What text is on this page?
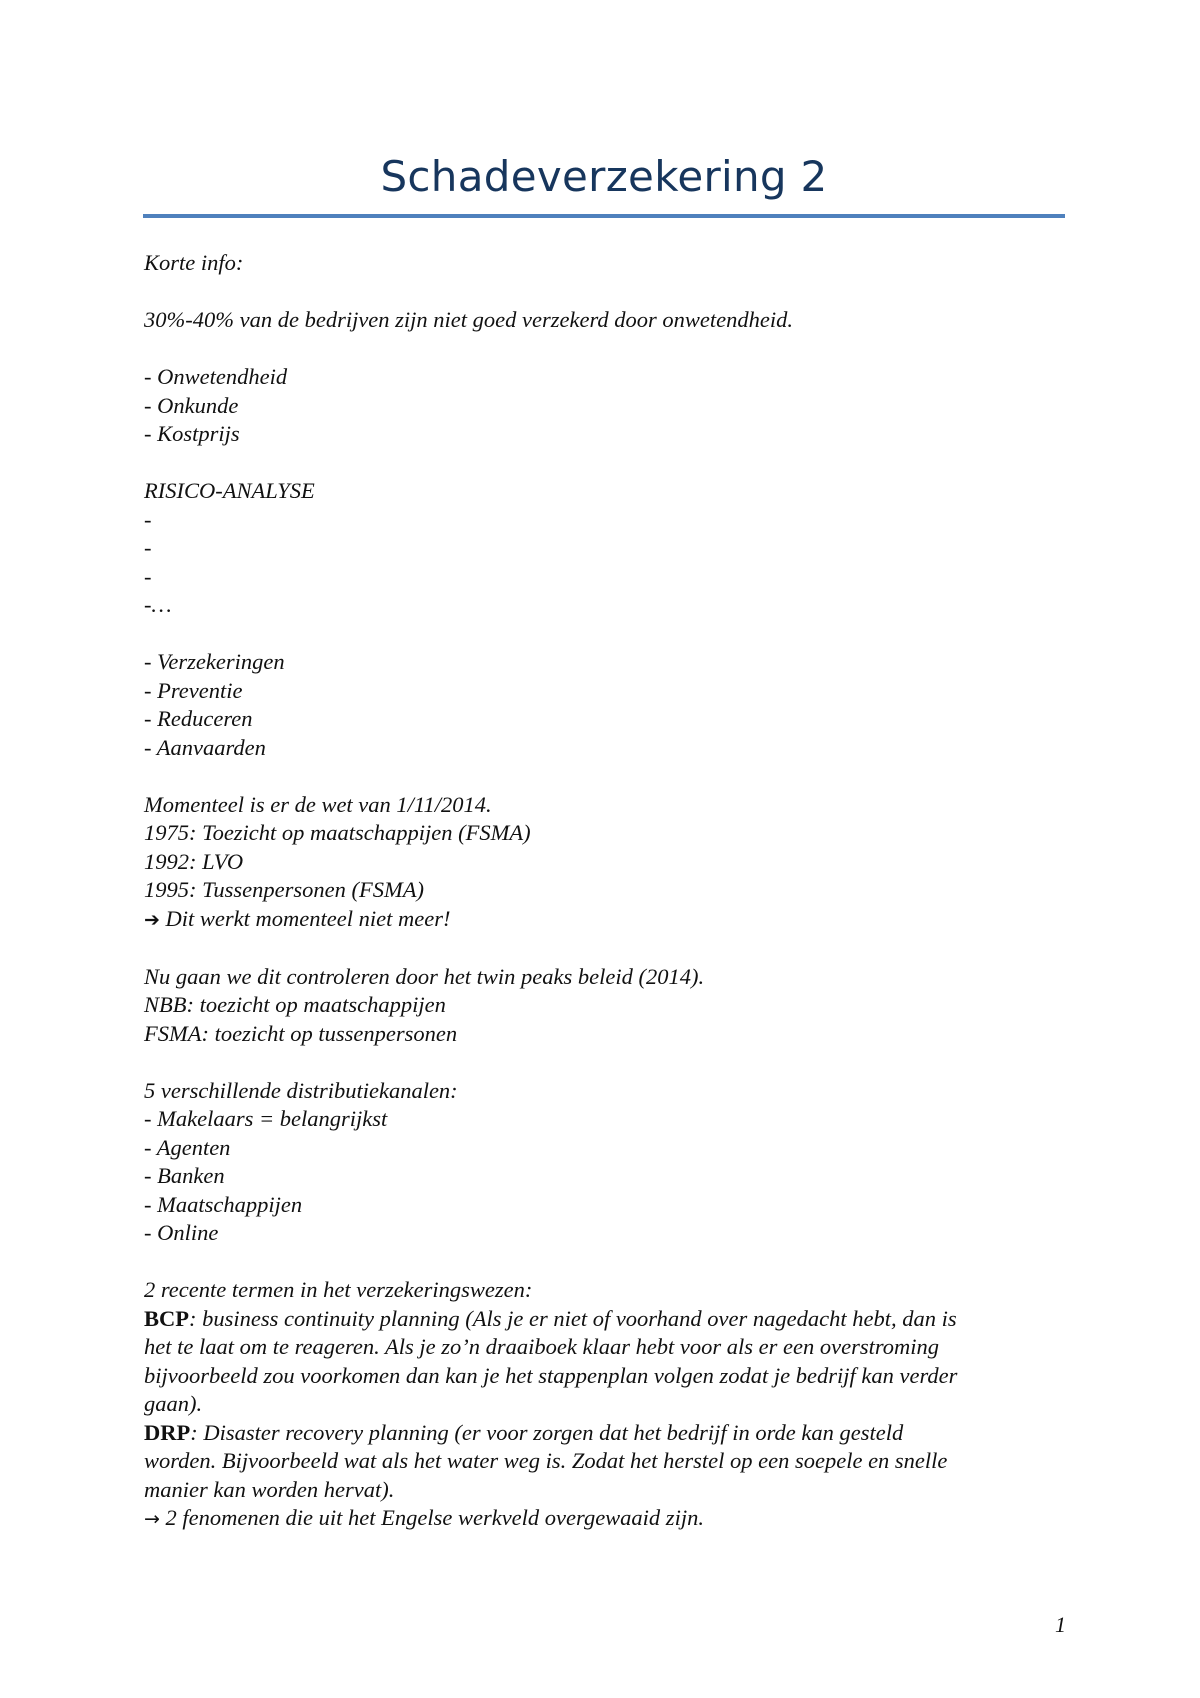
Schadeverzekering 2
Korte info:
30%-40% van de bedrijven zijn niet goed verzekerd door onwetendheid.
- Onwetendheid
- Onkunde
- Kostprijs
RISICO-ANALYSE
-
-
-
-…
- Verzekeringen
- Preventie
- Reduceren
- Aanvaarden
Momenteel is er de wet van 1/11/2014.
1975: Toezicht op maatschappijen (FSMA)
1992: LVO
1995: Tussenpersonen (FSMA)
➔ Dit werkt momenteel niet meer!
Nu gaan we dit controleren door het twin peaks beleid (2014).
NBB: toezicht op maatschappijen
FSMA: toezicht op tussenpersonen
5 verschillende distributiekanalen:
- Makelaars = belangrijkst
- Agenten
- Banken
- Maatschappijen
- Online
2 recente termen in het verzekeringswezen:
BCP: business continuity planning (Als je er niet of voorhand over nagedacht hebt, dan is
het te laat om te reageren. Als je zo’n draaiboek klaar hebt voor als er een overstroming
bijvoorbeeld zou voorkomen dan kan je het stappenplan volgen zodat je bedrijf kan verder
gaan).
DRP: Disaster recovery planning (er voor zorgen dat het bedrijf in orde kan gesteld
worden. Bijvoorbeeld wat als het water weg is. Zodat het herstel op een soepele en snelle
manier kan worden hervat).
→ 2 fenomenen die uit het Engelse werkveld overgewaaid zijn.
1
